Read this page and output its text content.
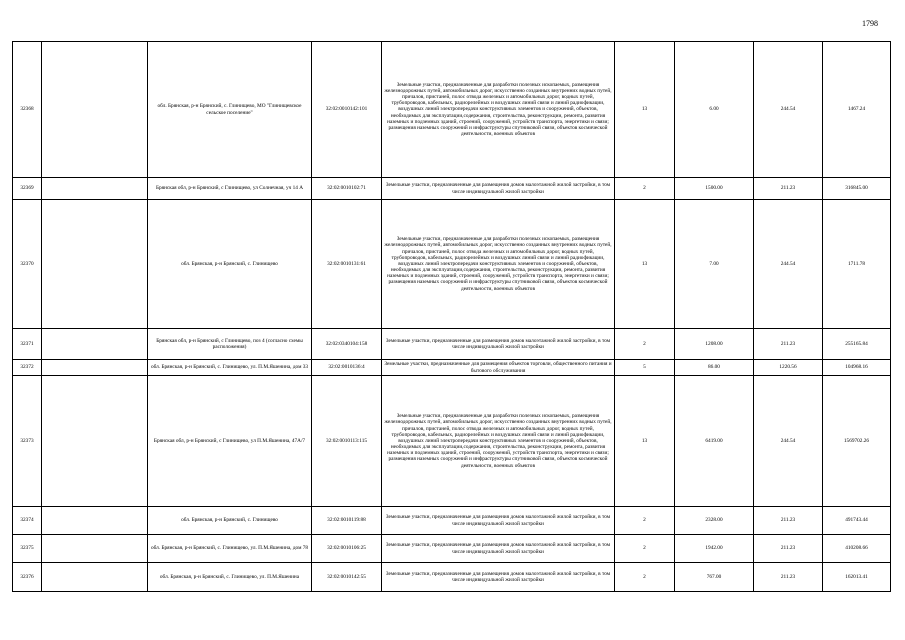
1798
32368		обл. Брянская, р-н Брянский, с. Глинищево, МО "Глинищевское сельское поселение"	32:02:0010142:101	Земельные участки, предназначенные для разработки полезных ископаемых, размещения железнодорожных путей, автомобильных дорог, искусственно созданных внутренних водных путей, причалов, пристаней, полос отвода железных и автомобильных дорог, водных путей, трубопроводов, кабельных, радиорелейных и воздушных линий связи и линий радиофикации, воздушных линий электропередачи конструктивных элементов и сооружений, объектов, необходимых для эксплуатации,содержания, строительства, реконструкции, ремонта, развития наземных и подземных зданий, строений, сооружений, устройств транспорта, энергетики и связи; размещения наземных сооружений и инфраструктуры спутниковой связи, объектов космической деятельности, военных объектов	13	6.00	244.54	1467.24
32369		Брянская обл, р-н Брянский, с Глинищево, ул Солнечная, уч 14 А	32:02:0010102:71	Земельные участки, предназначенные для размещения домов малоэтажной жилой застройки, в том числе индивидуальной жилой застройки	2	1500.00	211.23	316845.00
32370		обл. Брянская, р-н Брянский, с. Глинищево	32:02:0010131:61	Земельные участки, предназначенные для разработки полезных ископаемых, размещения железнодорожных путей, автомобильных дорог, искусственно созданных внутренних водных путей, причалов, пристаней, полос отвода железных и автомобильных дорог, водных путей, трубопроводов, кабельных, радиорелейных и воздушных линий связи и линий радиофикации, воздушных линий электропередачи конструктивных элементов и сооружений, объектов, необходимых для эксплуатации,содержания, строительства, реконструкции, ремонта, развития наземных и подземных зданий, строений, сооружений, устройств транспорта, энергетики и связи; размещения наземных сооружений и инфраструктуры спутниковой связи, объектов космической деятельности, военных объектов	13	7.00	244.54	1711.78
32371		Брянская обл, р-н Брянский, с Глинищево, поз 4 (согласно схемы расположения)	32:02:0340104:158	Земельные участки, предназначенные для размещения домов малоэтажной жилой застройки, в том числе индивидуальной жилой застройки	2	1208.00	211.23	255165.84
32372		обл. Брянская, р-н Брянский, с. Глинищево, ул. П.М.Яшенина, дом 33	32:02:0010136:4	Земельные участки, предназначенные для размещения объектов торговли, общественного питания и бытового обслуживания	5	86.00	1220.56	104968.16
32373		Брянская обл, р-н Брянский, с Глинищево, ул П.М.Яшенина, 47А/7	32:02:0010113:115	Земельные участки, предназначенные для разработки полезных ископаемых, размещения железнодорожных путей, автомобильных дорог, искусственно созданных внутренних водных путей, причалов, пристаней, полос отвода железных и автомобильных дорог, водных путей, трубопроводов, кабельных, радиорелейных и воздушных линий связи и линий радиофикации, воздушных линий электропередачи конструктивных элементов и сооружений, объектов, необходимых для эксплуатации,содержания, строительства, реконструкции, ремонта, развития наземных и подземных зданий, строений, сооружений, устройств транспорта, энергетики и связи; размещения наземных сооружений и инфраструктуры спутниковой связи, объектов космической деятельности, военных объектов	13	6419.00	244.54	1569702.26
32374		обл. Брянская, р-н Брянский, с. Глинищево	32:02:0010119:88	Земельные участки, предназначенные для размещения домов малоэтажной жилой застройки, в том числе индивидуальной жилой застройки	2	2328.00	211.23	491743.44
32375		обл. Брянская, р-н Брянский, с. Глинищево, ул. П.М.Яшенина, дом 78	32:02:0010106:25	Земельные участки, предназначенные для размещения домов малоэтажной жилой застройки, в том числе индивидуальной жилой застройки	2	1942.00	211.23	410208.66
32376		обл. Брянская, р-н Брянский, с. Глинищево, ул. П.М.Яшенина	32:02:0010142:55	Земельные участки, предназначенные для размещения домов малоэтажной жилой застройки, в том числе индивидуальной жилой застройки	2	767.00	211.23	162013.41
